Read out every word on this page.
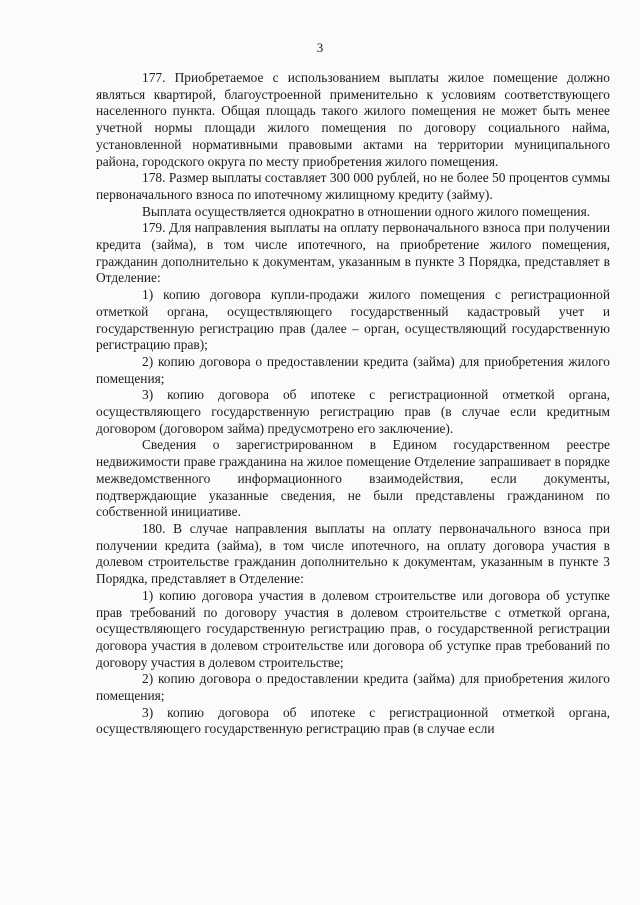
3

177. Приобретаемое с использованием выплаты жилое помещение должно являться квартирой, благоустроенной применительно к условиям соответствующего населенного пункта. Общая площадь такого жилого помещения не может быть менее учетной нормы площади жилого помещения по договору социального найма, установленной нормативными правовыми актами на территории муниципального района, городского округа по месту приобретения жилого помещения.

178. Размер выплаты составляет 300 000 рублей, но не более 50 процентов суммы первоначального взноса по ипотечному жилищному кредиту (займу).

Выплата осуществляется однократно в отношении одного жилого помещения.

179. Для направления выплаты на оплату первоначального взноса при получении кредита (займа), в том числе ипотечного, на приобретение жилого помещения, гражданин дополнительно к документам, указанным в пункте 3 Порядка, представляет в Отделение:

1) копию договора купли-продажи жилого помещения с регистрационной отметкой органа, осуществляющего государственный кадастровый учет и государственную регистрацию прав (далее – орган, осуществляющий государственную регистрацию прав);

2) копию договора о предоставлении кредита (займа) для приобретения жилого помещения;

3) копию договора об ипотеке с регистрационной отметкой органа, осуществляющего государственную регистрацию прав (в случае если кредитным договором (договором займа) предусмотрено его заключение).

Сведения о зарегистрированном в Едином государственном реестре недвижимости праве гражданина на жилое помещение Отделение запрашивает в порядке межведомственного информационного взаимодействия, если документы, подтверждающие указанные сведения, не были представлены гражданином по собственной инициативе.

180. В случае направления выплаты на оплату первоначального взноса при получении кредита (займа), в том числе ипотечного, на оплату договора участия в долевом строительстве гражданин дополнительно к документам, указанным в пункте 3 Порядка, представляет в Отделение:

1) копию договора участия в долевом строительстве или договора об уступке прав требований по договору участия в долевом строительстве с отметкой органа, осуществляющего государственную регистрацию прав, о государственной регистрации договора участия в долевом строительстве или договора об уступке прав требований по договору участия в долевом строительстве;

2) копию договора о предоставлении кредита (займа) для приобретения жилого помещения;

3) копию договора об ипотеке с регистрационной отметкой органа, осуществляющего государственную регистрацию прав (в случае если
